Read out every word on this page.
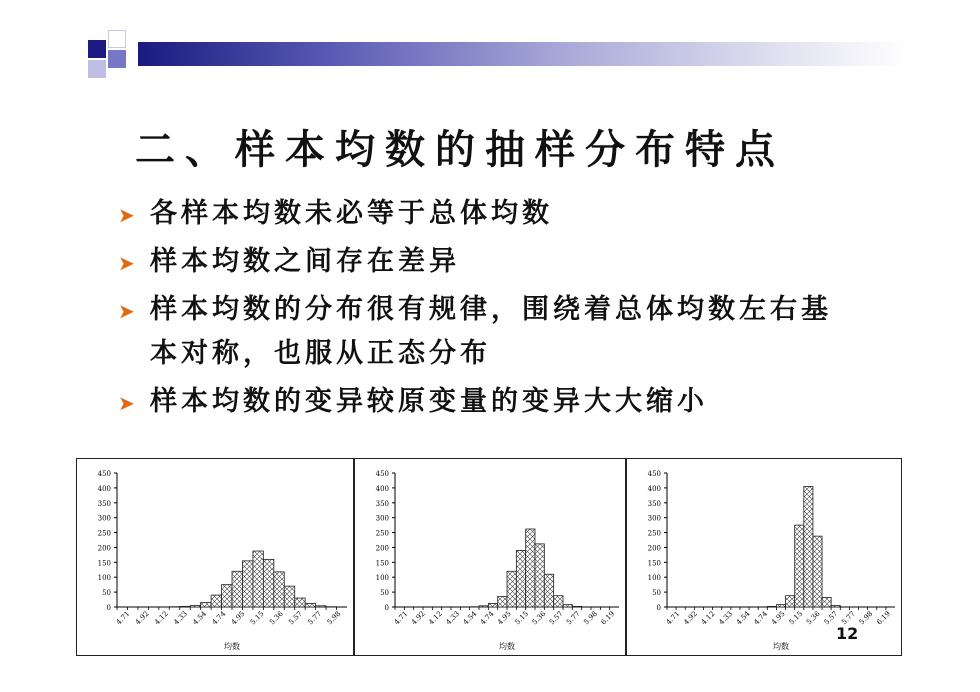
二、样本均数的抽样分布特点
➤ 各样本均数未必等于总体均数
➤ 样本均数之间存在差异
➤ 样本均数的分布很有规律，围绕着总体均数左右基本对称，也服从正态分布
➤ 样本均数的变异较原变量的变异大大缩小
0
50
100
150
200
250
300
350
400
450
4.71 4.92 4.12 4.33 4.54 4.74 4.95 5.15 5.36 5.57 5.77 5.98
均数
0
50
100
150
200
250
300
350
400
450
4.71 4.92 4.12 4.33 4.54 4.74 4.95 5.15 5.36 5.57 5.77 5.98 6.19
均数
0
50
100
150
200
250
300
350
400
450
4.71 4.92 4.12 4.33 4.54 4.74 4.95 5.15 5.36 5.57 5.77 5.98 6.19
均数
12
